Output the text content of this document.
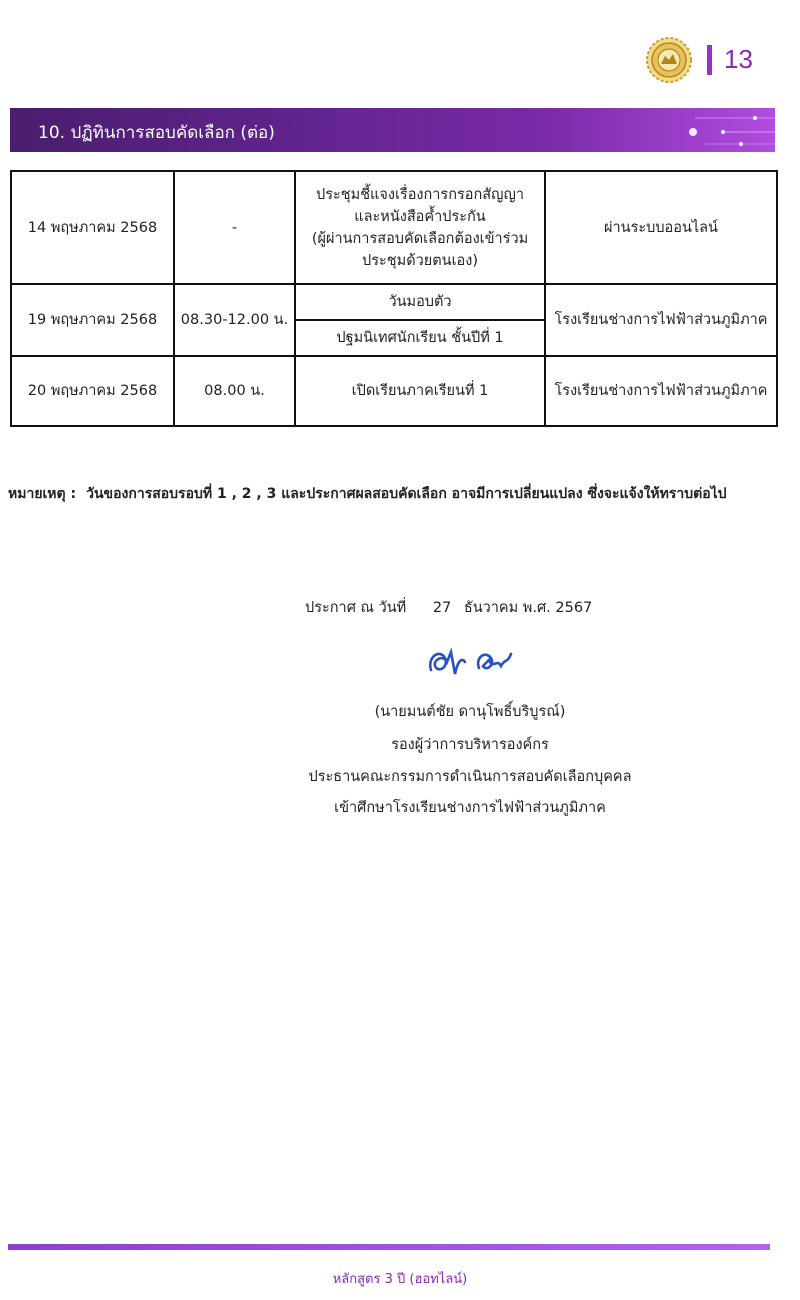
13
10. ปฏิทินการสอบคัดเลือก (ต่อ)
14 พฤษภาคม 2568	-	ประชุมชี้แจงเรื่องการกรอกสัญญา
และหนังสือค้ำประกัน
(ผู้ผ่านการสอบคัดเลือกต้องเข้าร่วม
ประชุมด้วยตนเอง)	ผ่านระบบออนไลน์
19 พฤษภาคม 2568	08.30-12.00 น.	วันมอบตัว	โรงเรียนช่างการไฟฟ้าส่วนภูมิภาค
		ปฐมนิเทศนักเรียน ชั้นปีที่ 1	
20 พฤษภาคม 2568	08.00 น.	เปิดเรียนภาคเรียนที่ 1	โรงเรียนช่างการไฟฟ้าส่วนภูมิภาค
หมายเหตุ : วันของการสอบรอบที่ 1 , 2 , 3 และประกาศผลสอบคัดเลือก อาจมีการเปลี่ยนแปลง ซึ่งจะแจ้งให้ทราบต่อไป
ประกาศ ณ วันที่ 27 ธันวาคม พ.ศ. 2567
(นายมนต์ชัย ดานุโพธิ์บริบูรณ์)
รองผู้ว่าการบริหารองค์กร
ประธานคณะกรรมการดำเนินการสอบคัดเลือกบุคคล
เข้าศึกษาโรงเรียนช่างการไฟฟ้าส่วนภูมิภาค
หลักสูตร 3 ปี (ฮอทไลน์)
